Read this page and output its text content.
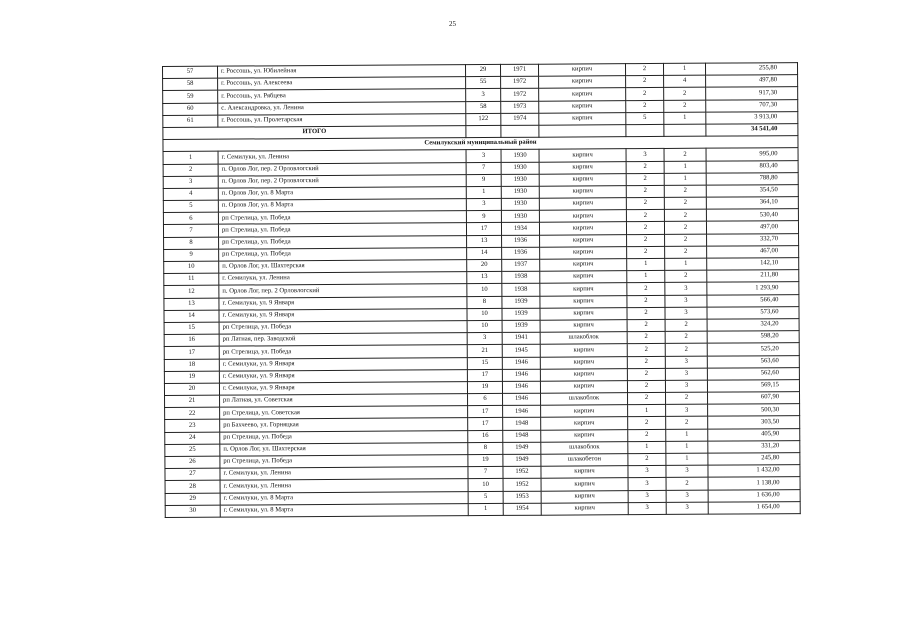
25
57	г. Россошь, ул. Юбилейная	29	1971	кирпич	2	1	255,80
58	г. Россошь, ул. Алексеева	55	1972	кирпич	2	4	497,80
59	г. Россошь, ул. Рябцева	3	1972	кирпич	2	2	917,30
60	с. Александровка, ул. Ленина	58	1973	кирпич	2	2	707,30
61	г. Россошь, ул. Пролетарская	122	1974	кирпич	5	1	3 913,00
ИТОГО							34 541,40
Семилукский муниципальный район							
1	г. Семилуки, ул. Ленина	3	1930	кирпич	3	2	995,00
2	п. Орлов Лог, пер. 2 Орловлогский	7	1930	кирпич	2	1	803,40
3	п. Орлов Лог, пер. 2 Орловлогский	9	1930	кирпич	2	1	788,80
4	п. Орлов Лог, ул. 8 Марта	1	1930	кирпич	2	2	354,50
5	п. Орлов Лог, ул. 8 Марта	3	1930	кирпич	2	2	364,10
6	рп Стрелица, ул. Победа	9	1930	кирпич	2	2	530,40
7	рп Стрелица, ул. Победа	17	1934	кирпич	2	2	497,00
8	рп Стрелица, ул. Победа	13	1936	кирпич	2	2	332,70
9	рп Стрелица, ул. Победа	14	1936	кирпич	2	2	467,00
10	п. Орлов Лог, ул. Шахтерская	20	1937	кирпич	1	1	142,10
11	г. Семилуки, ул. Ленина	13	1938	кирпич	1	2	211,80
12	п. Орлов Лог, пер. 2 Орловлогский	10	1938	кирпич	2	3	1 293,90
13	г. Семилуки, ул. 9 Января	8	1939	кирпич	2	3	566,40
14	г. Семилуки, ул. 9 Января	10	1939	кирпич	2	3	573,60
15	рп Стрелица, ул. Победа	10	1939	кирпич	2	2	324,20
16	рп Латная, пер. Заводской	3	1941	шлакоблок	2	2	598,20
17	рп Стрелица, ул. Победа	21	1945	кирпич	2	2	525,20
18	г. Семилуки, ул. 9 Января	15	1946	кирпич	2	3	563,60
19	г. Семилуки, ул. 9 Января	17	1946	кирпич	2	3	562,60
20	г. Семилуки, ул. 9 Января	19	1946	кирпич	2	3	569,15
21	рп Латная, ул. Советская	6	1946	шлакоблок	2	2	607,90
22	рп Стрелица, ул. Советская	17	1946	кирпич	1	3	500,30
23	рп Бахчеево, ул. Горняцкая	17	1948	кирпич	2	2	303,50
24	рп Стрелица, ул. Победа	16	1948	кирпич	2	1	405,90
25	п. Орлов Лог, ул. Шахтерская	8	1949	шлакоблок	1	1	331,20
26	рп Стрелица, ул. Победа	19	1949	шлакобетон	2	1	245,80
27	г. Семилуки, ул. Ленина	7	1952	кирпич	3	3	1 432,00
28	г. Семилуки, ул. Ленина	10	1952	кирпич	3	2	1 138,00
29	г. Семилуки, ул. 8 Марта	5	1953	кирпич	3	3	1 636,00
30	г. Семилуки, ул. 8 Марта	1	1954	кирпич	3	3	1 654,00
